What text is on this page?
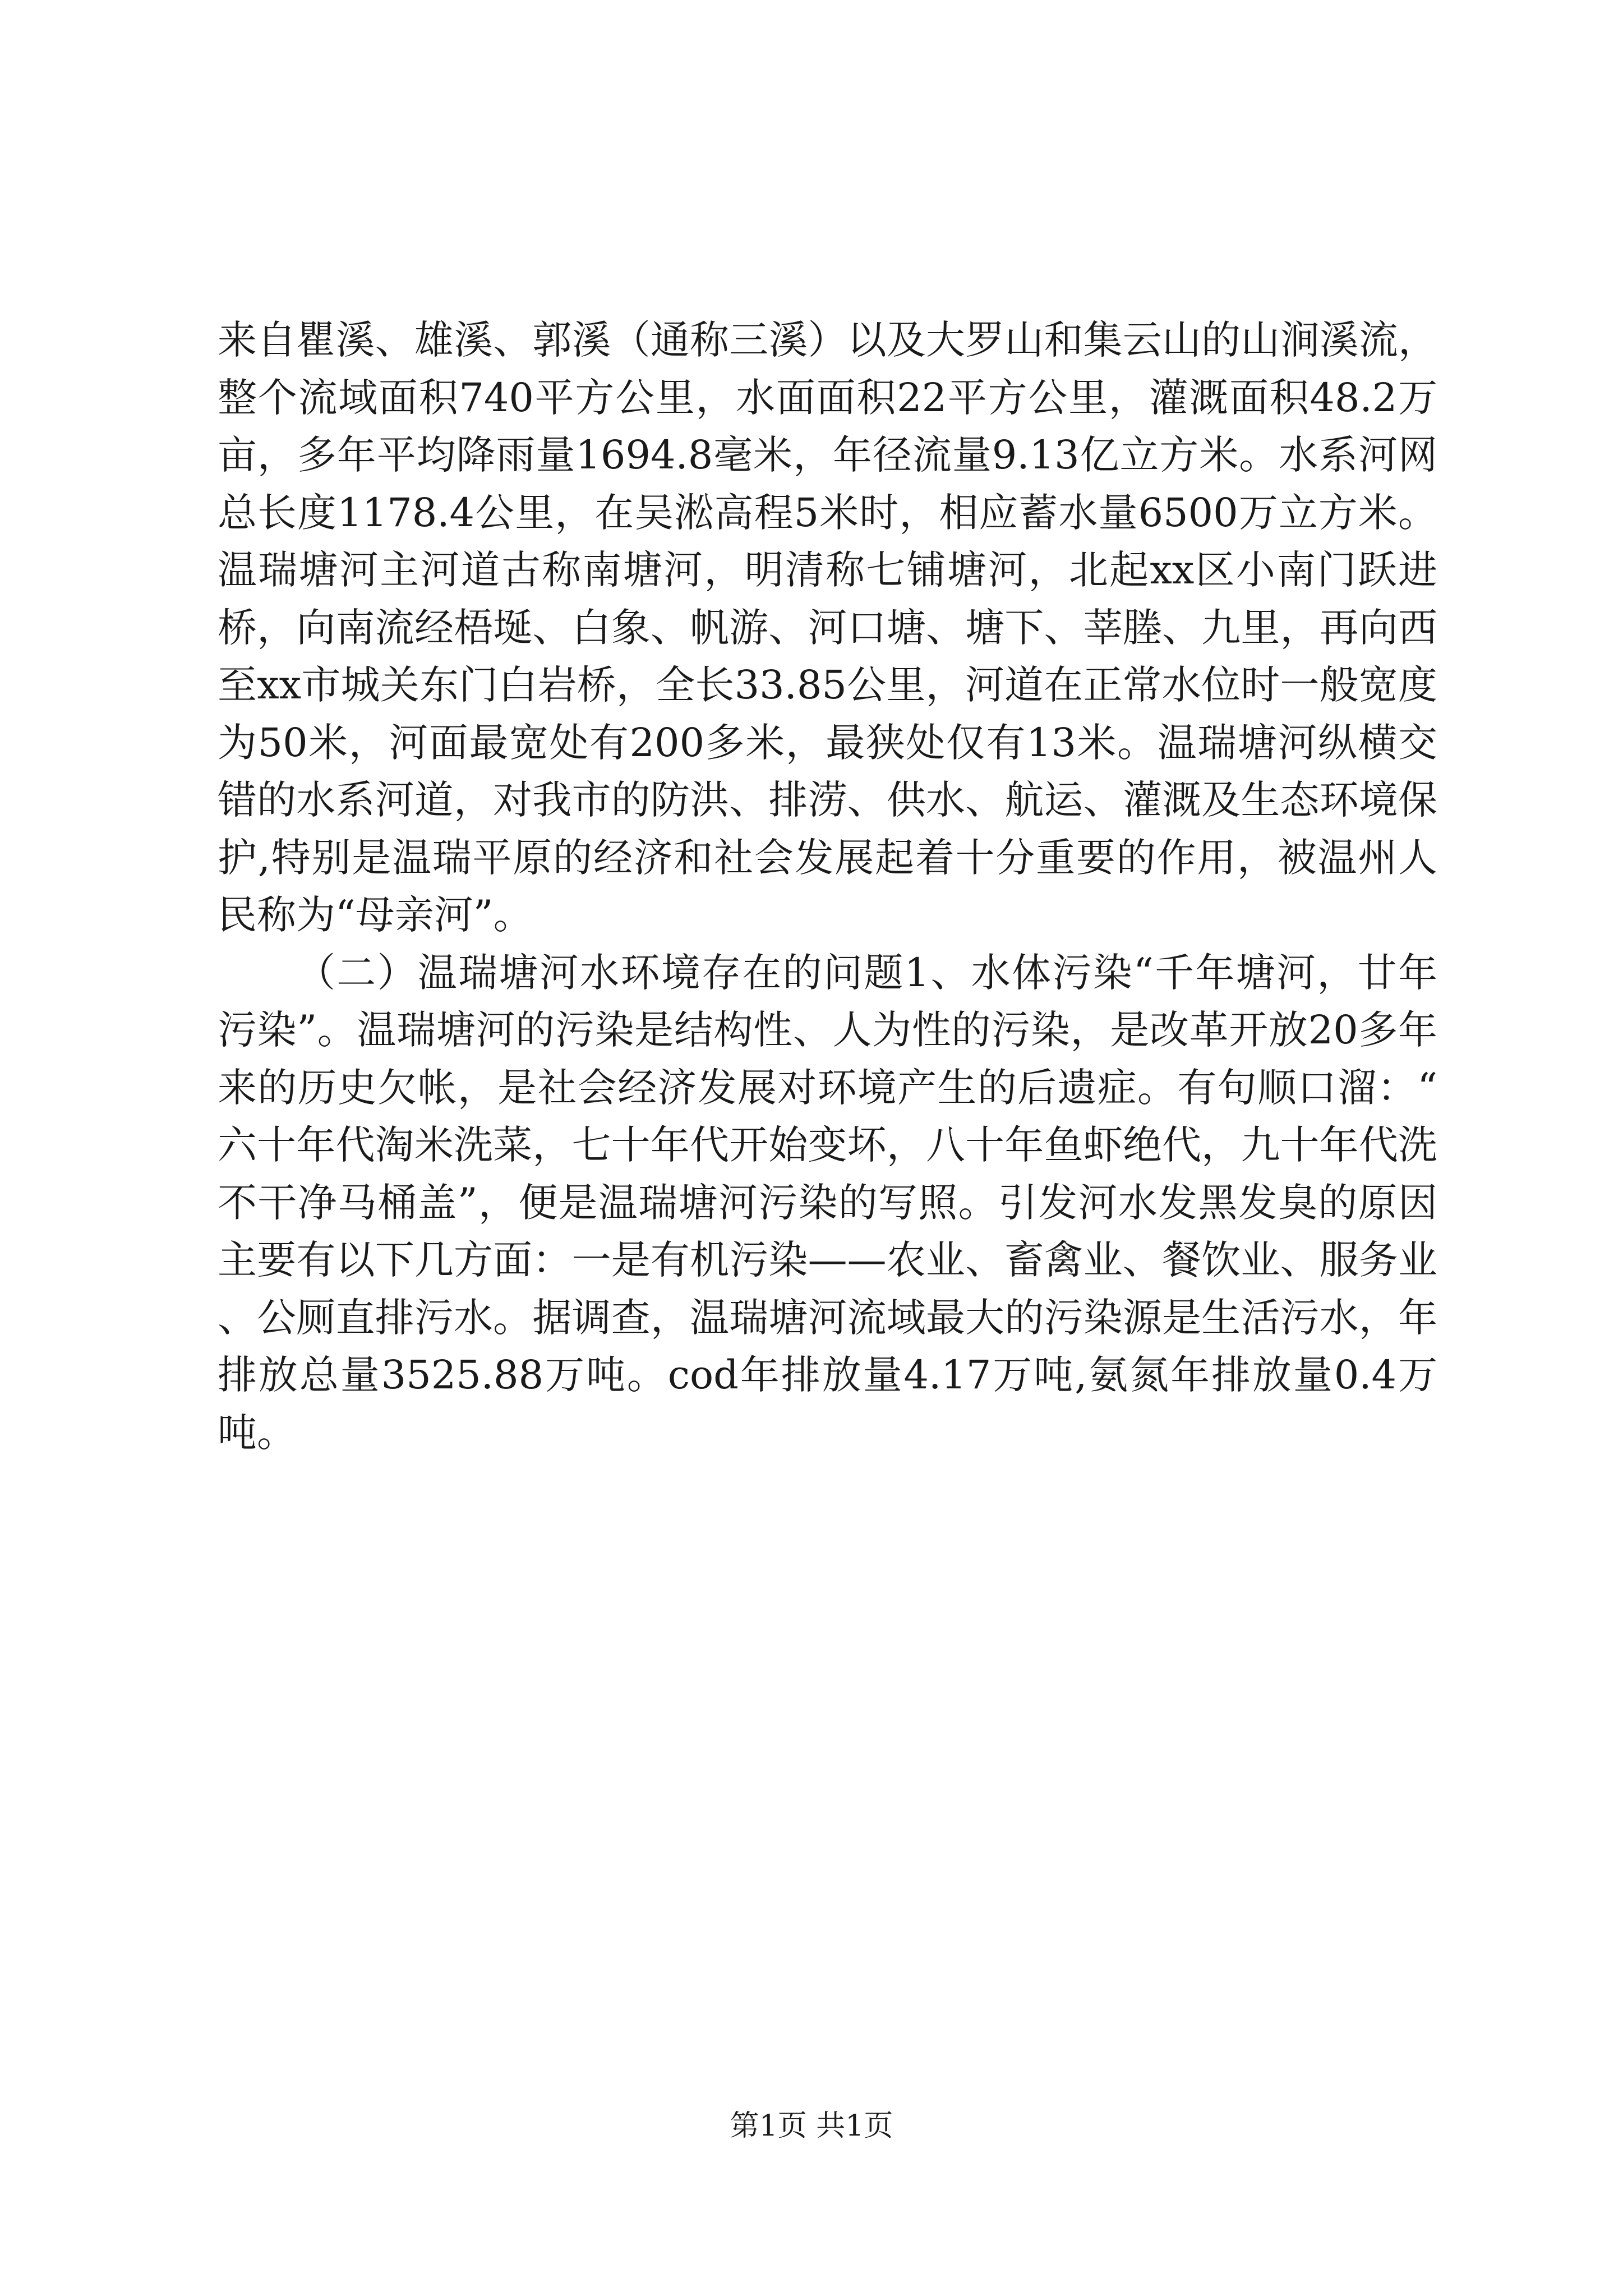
来自瞿溪、雄溪、郭溪（通称三溪）以及大罗山和集云山的山涧溪流，整个流域面积740平方公里，水面面积22平方公里，灌溉面积48.2万亩，多年平均降雨量1694.8毫米，年径流量9.13亿立方米。水系河网总长度1178.4公里，在吴淞高程5米时，相应蓄水量6500万立方米。温瑞塘河主河道古称南塘河，明清称七铺塘河，北起xx区小南门跃进桥，向南流经梧埏、白象、帆游、河口塘、塘下、莘塍、九里，再向西至xx市城关东门白岩桥，全长33.85公里，河道在正常水位时一般宽度为50米，河面最宽处有200多米，最狭处仅有13米。温瑞塘河纵横交错的水系河道，对我市的防洪、排涝、供水、航运、灌溉及生态环境保护,特别是温瑞平原的经济和社会发展起着十分重要的作用，被温州人民称为“母亲河”。

（二）温瑞塘河水环境存在的问题1、水体污染“千年塘河，廿年污染”。温瑞塘河的污染是结构性、人为性的污染，是改革开放20多年来的历史欠帐，是社会经济发展对环境产生的后遗症。有句顺口溜：“六十年代淘米洗菜，七十年代开始变坏，八十年鱼虾绝代，九十年代洗不干净马桶盖”，便是温瑞塘河污染的写照。引发河水发黑发臭的原因主要有以下几方面：一是有机污染——农业、畜禽业、餐饮业、服务业、公厕直排污水。据调查，温瑞塘河流域最大的污染源是生活污水，年排放总量3525.88万吨。cod年排放量4.17万吨,氨氮年排放量0.4万吨。

第1页 共1页
